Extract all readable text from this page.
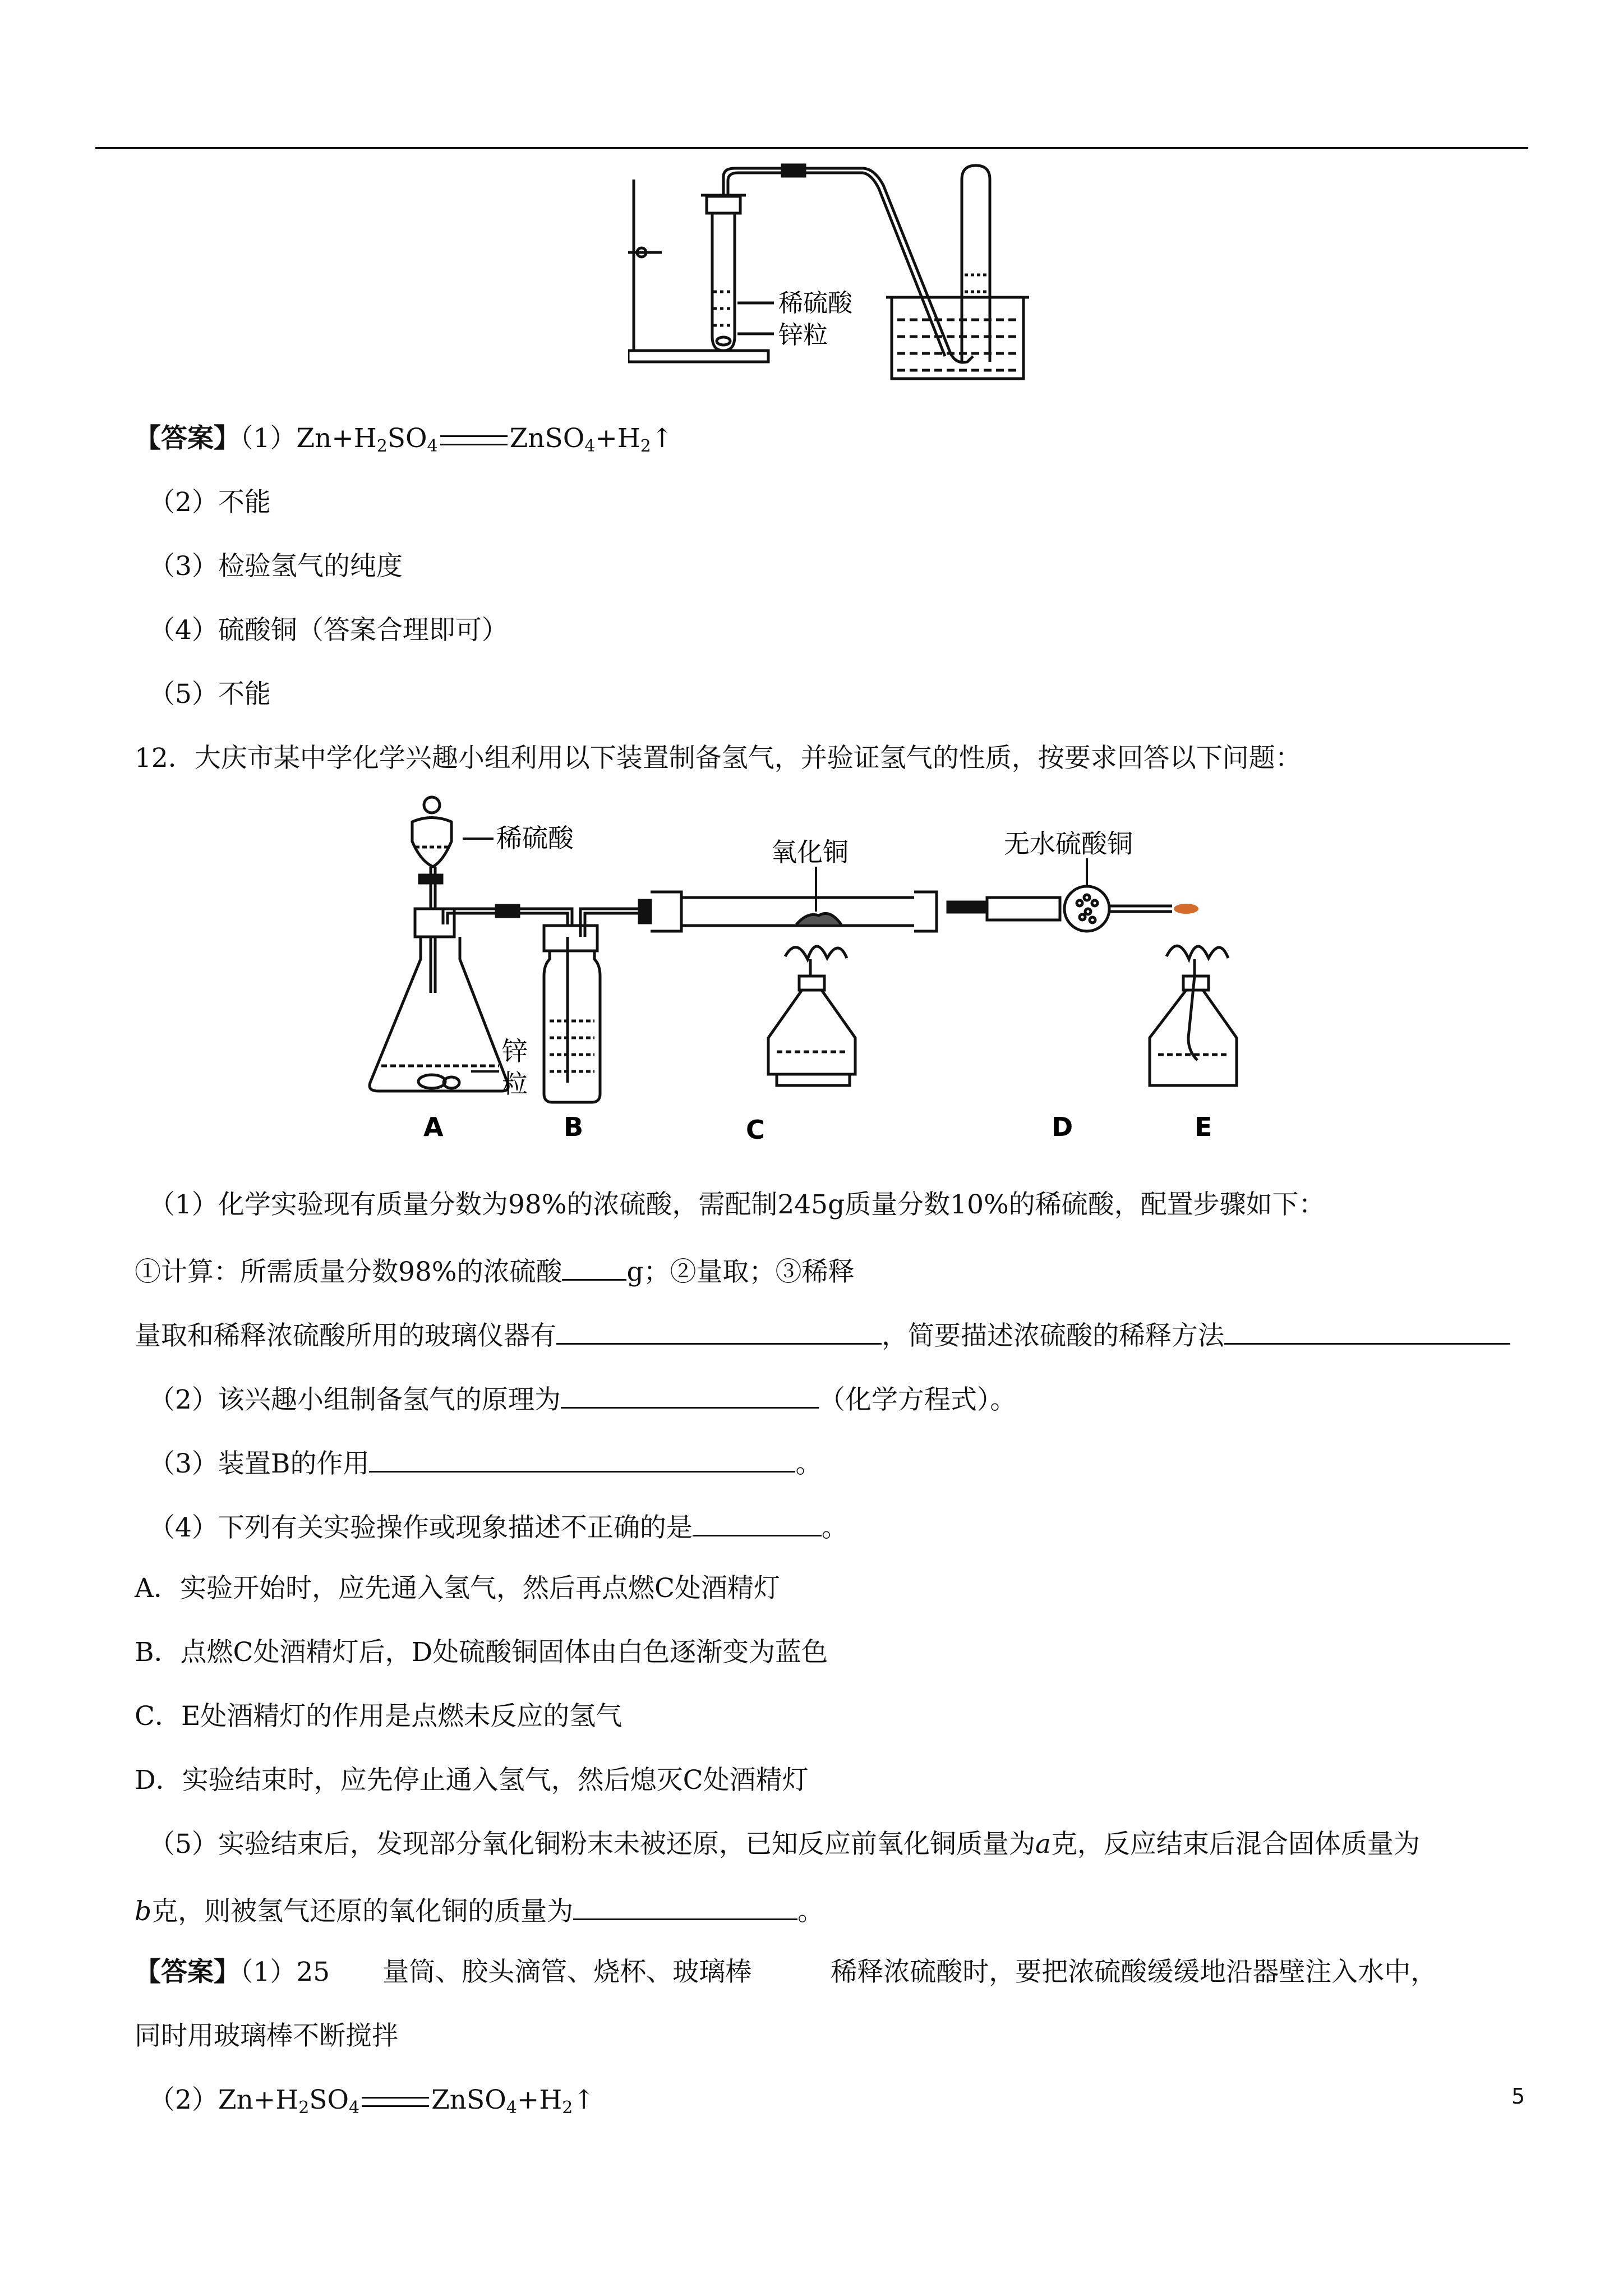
稀硫酸
锌粒
【答案】$(1)Zn+H_2SO_4$	$ZnSO_4+H_2↑$
（2）不能
（3）检验氢气的纯度
（4）硫酸铜（答案合理即可）
（5）不能
12．大庆市某中学化学兴趣小组利用以下装置制备氢气，并验证氢气的性质，按要求回答以下问题：
稀硫酸
锌
粒
氧化铜	无水硫酸铜
A	B	C	D	E
（1）化学实验现有质量分数为98%的浓硫酸，需配制245g质量分数10%的稀硫酸，配置步骤如下：
①计算：所需质量分数98%的浓硫酸 g；②量取；③稀释
量取和稀释浓硫酸所用的玻璃仪器有	，简要描述浓硫酸的稀释方法
（2）该兴趣小组制备氢气的原理为	（化学方程式）。
（3）装置B的作用	。
（4）下列有关实验操作或现象描述不正确的是	。
A．实验开始时，应先通入氢气，然后再点燃C处酒精灯
B．点燃C处酒精灯后，D处硫酸铜固体由白色逐渐变为蓝色
C．E处酒精灯的作用是点燃未反应的氢气
D．实验结束时，应先停止通入氢气，然后熄灭C处酒精灯
（5）实验结束后，发现部分氧化铜粉末未被还原，已知反应前氧化铜质量为a克，反应结束后混合固体质量为
b克，则被氢气还原的氧化铜的质量为	。
【答案】（1）25　　量筒、胶头滴管、烧杯、玻璃棒　　　稀释浓硫酸时，要把浓硫酸缓缓地沿器壁注入水中，
同时用玻璃棒不断搅拌
$(2)Zn+H_2SO_4$	$ZnSO_4+H_2↑$	5
